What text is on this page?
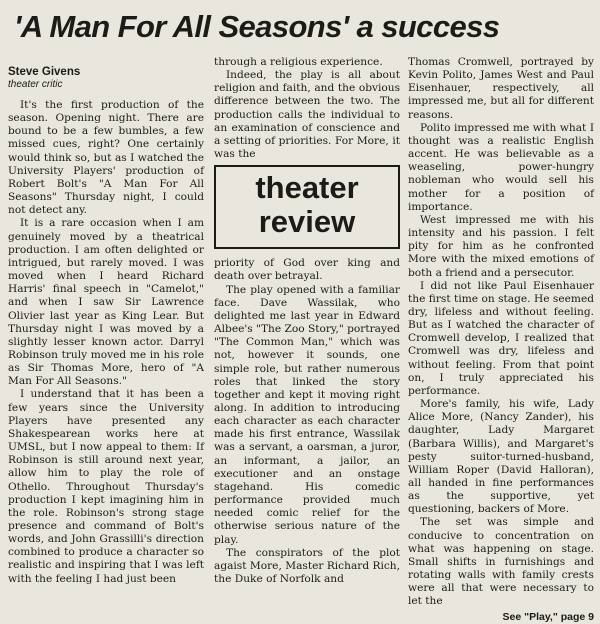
'A Man For All Seasons' a success
Steve Givens
theater critic

It's the first production of the season. Opening night. There are bound to be a few bumbles, a few missed cues, right? One certainly would think so, but as I watched the University Players' production of Robert Bolt's "A Man For All Seasons" Thursday night, I could not detect any.

It is a rare occasion when I am genuinely moved by a theatrical production. I am often delighted or intrigued, but rarely moved. I was moved when I heard Richard Harris' final speech in "Camelot," and when I saw Sir Lawrence Olivier last year as King Lear. But Thursday night I was moved by a slightly lesser known actor. Darryl Robinson truly moved me in his role as Sir Thomas More, hero of "A Man For All Seasons."

I understand that it has been a few years since the University Players have presented any Shakespearean works here at UMSL, but I now appeal to them: If Robinson is still around next year, allow him to play the role of Othello. Throughout Thursday's production I kept imagining him in the role. Robinson's strong stage presence and command of Bolt's words, and John Grassilli's direction combined to produce a character so realistic and inspiring that I was left with the feeling I had just been

through a religious experience.

Indeed, the play is all about religion and faith, and the obvious difference between the two. The production calls the individual to an examination of conscience and a setting of priorities. For More, it was the

theater
review

priority of God over king and death over betrayal.

The play opened with a familiar face. Dave Wassilak, who delighted me last year in Edward Albee's "The Zoo Story," portrayed "The Common Man," which was not, however it sounds, one simple role, but rather numerous roles that linked the story together and kept it moving right along. In addition to introducing each character as each character made his first entrance, Wassilak was a servant, a oarsman, a juror, an informant, a jailor, an executioner and an onstage stagehand. His comedic performance provided much needed comic relief for the otherwise serious nature of the play.

The conspirators of the plot agaist More, Master Richard Rich, the Duke of Norfolk and

Thomas Cromwell, portrayed by Kevin Polito, James West and Paul Eisenhauer, respectively, all impressed me, but all for different reasons.

Polito impressed me with what I thought was a realistic English accent. He was believable as a weaseling, power-hungry nobleman who would sell his mother for a position of importance.

West impressed me with his intensity and his passion. I felt pity for him as he confronted More with the mixed emotions of both a friend and a persecutor.

I did not like Paul Eisenhauer the first time on stage. He seemed dry, lifeless and without feeling. But as I watched the character of Cromwell develop, I realized that Cromwell was dry, lifeless and without feeling. From that point on, I truly appreciated his performance.

More's family, his wife, Lady Alice More, (Nancy Zander), his daughter, Lady Margaret (Barbara Willis), and Margaret's pesty suitor-turned-husband, William Roper (David Halloran), all handed in fine performances as the supportive, yet questioning, backers of More.

The set was simple and conducive to concentration on what was happening on stage. Small shifts in furnishings and rotating walls with family crests were all that were necessary to let the

See "Play," page 9
